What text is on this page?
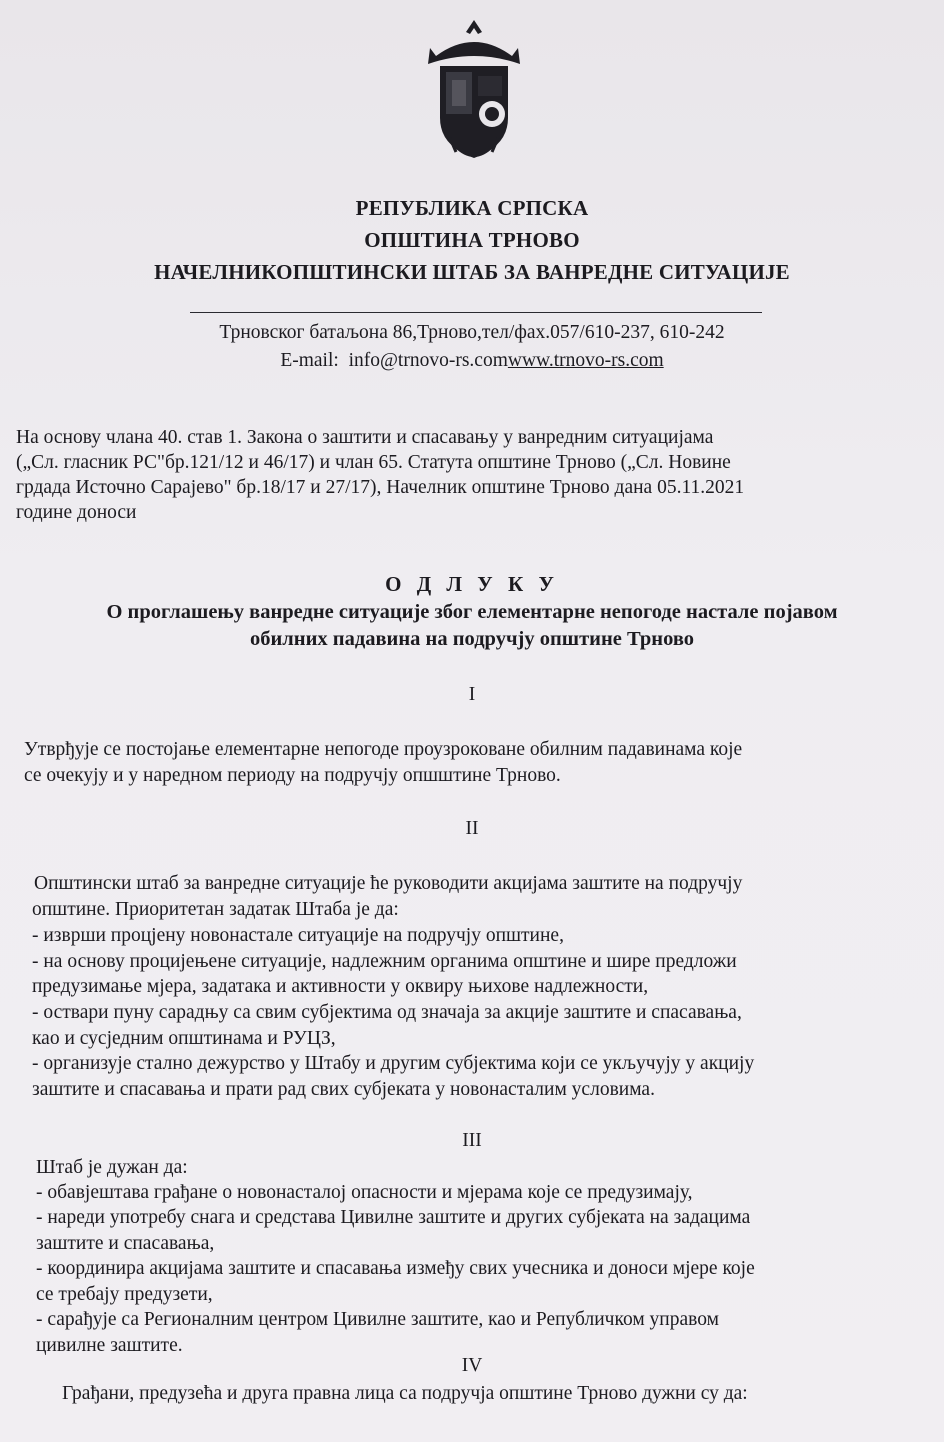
РЕПУБЛИКА СРПСКА
ОПШТИНА ТРНОВО
НАЧЕЛНИКОПШТИНСКИ ШТАБ ЗА ВАНРЕДНЕ СИТУАЦИЈЕ
Трновског батаљона 86,Трново,тел/фах.057/610-237, 610-242
E-mail: info@trnovo-rs.comwww.trnovo-rs.com
На основу члана 40. став 1. Закона о заштити и спасавању у ванредним ситуацијама
(„Сл. гласник РС"бр.121/12 и 46/17) и члан 65. Статута општине Трново („Сл. Новине
грдада Источно Сарајево" бр.18/17 и 27/17), Начелник општине Трново дана 05.11.2021
године доноси
О Д Л У К У
О проглашењу ванредне ситуације због елементарне непогоде настале појавом
обилних падавина на подручју општине Трново
I
Утврђује се постојање елементарне непогоде проузроковане обилним падавинама које
се очекују и у наредном периоду на подручју опшштине Трново.
II
Општински штаб за ванредне ситуације ће руководити акцијама заштите на подручју
општине. Приоритетан задатак Штаба је да:
- изврши процјену новонастале ситуације на подручју општине,
- на основу процијењене ситуације, надлежним органима општине и шире предложи
предузимање мјера, задатака и активности у оквиру њихове надлежности,
- оствари пуну сарадњу са свим субјектима од значаја за акције заштите и спасавања,
као и сусједним општинама и РУЦЗ,
- организује стално дежурство у Штабу и другим субјектима који се укључују у акцију
заштите и спасавања и прати рад свих субјеката у новонасталим условима.
III
Штаб је дужан да:
- обавјештава грађане о новонасталој опасности и мјерама које се предузимају,
- нареди употребу снага и средстава Цивилне заштите и других субјеката на задацима
заштите и спасавања,
- координира акцијама заштите и спасавања између свих учесника и доноси мјере које
се требају предузети,
- сарађује са Регионалним центром Цивилне заштите, као и Републичком управом
цивилне заштите.
IV
Грађани, предузећа и друга правна лица са подручја општине Трново дужни су да:
